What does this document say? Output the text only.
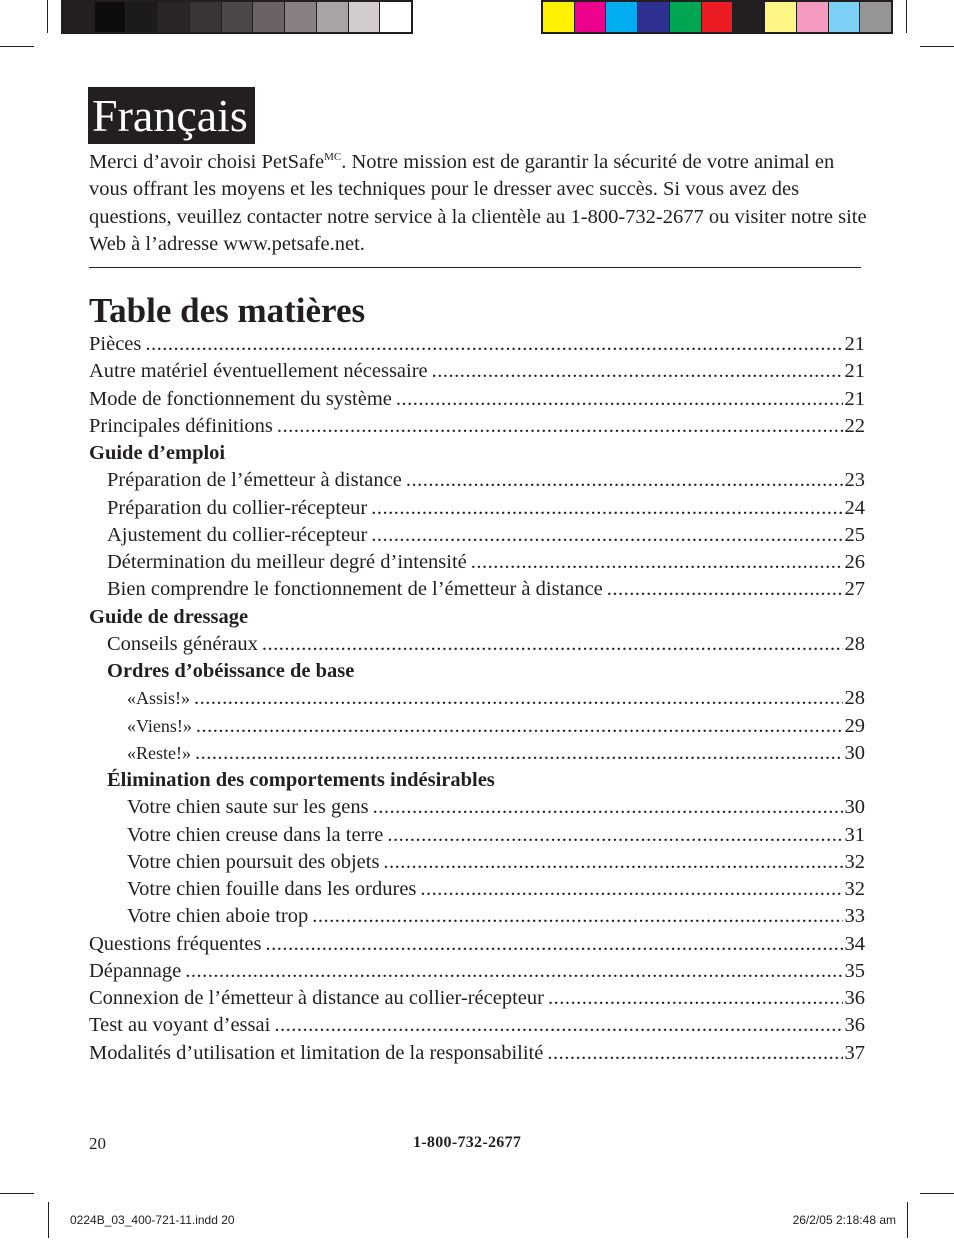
Français

Merci d’avoir choisi PetSafe$^{MC}$. Notre mission est de garantir la sécurité de votre animal en vous offrant les moyens et les techniques pour le dresser avec succès. Si vous avez des questions, veuillez contacter notre service à la clientèle au 1-800-732-2677 ou visiter notre site Web à l’adresse www.petsafe.net.

Table des matières
Pièces .....	21
Autre matériel éventuellement nécessaire .....	21
Mode de fonctionnement du système .....	21
Principales définitions .....	22
Guide d’emploi
Préparation de l’émetteur à distance .....	23
Préparation du collier-récepteur .....	24
Ajustement du collier-récepteur .....	25
Détermination du meilleur degré d’intensité .....	26
Bien comprendre le fonctionnement de l’émetteur à distance .....	27
Guide de dressage
Conseils généraux .....	28
Ordres d’obéissance de base
«Assis!» .....	28
«Viens!» .....	29
«Reste!» .....	30
Élimination des comportements indésirables
Votre chien saute sur les gens .....	30
Votre chien creuse dans la terre .....	31
Votre chien poursuit des objets .....	32
Votre chien fouille dans les ordures .....	32
Votre chien aboie trop .....	33
Questions fréquentes .....	34
Dépannage .....	35
Connexion de l’émetteur à distance au collier-récepteur .....	36
Test au voyant d’essai .....	36
Modalités d’utilisation et limitation de la responsabilité .....	37
20	1-800-732-2677
0224B_03_400-721-11.indd 20	26/2/05 2:18:48 am
